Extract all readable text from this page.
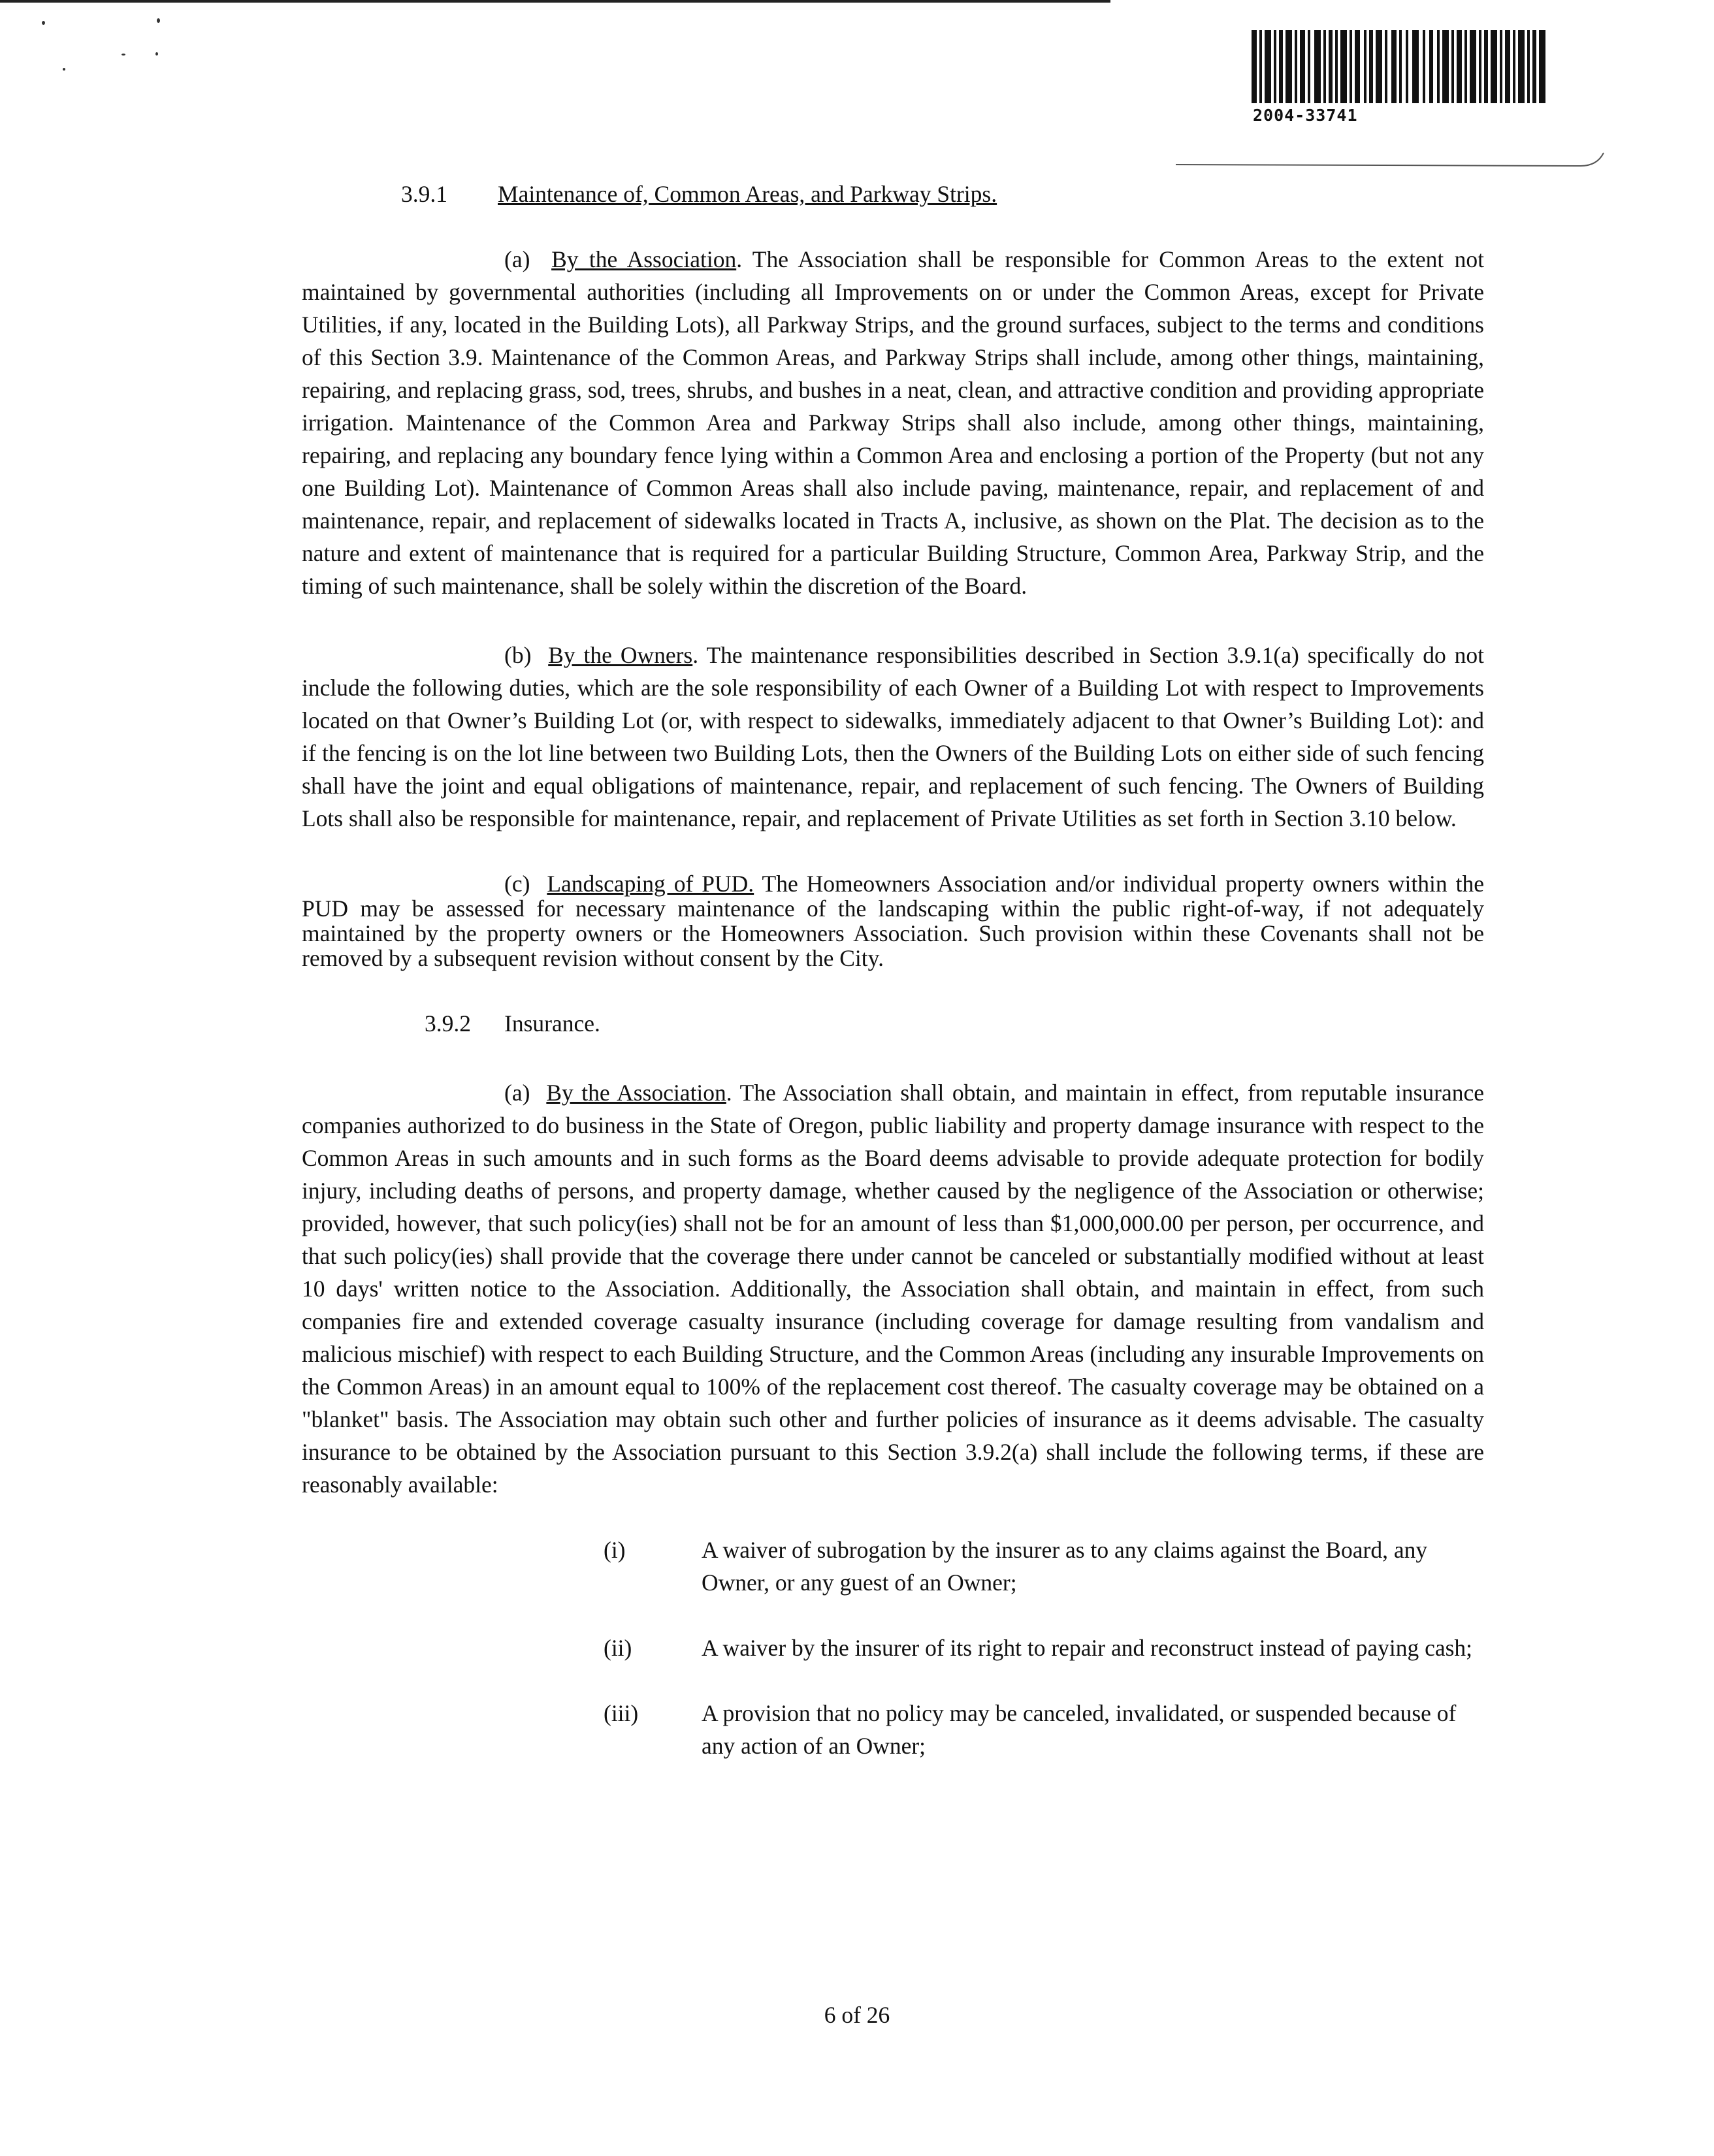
2004-33741

3.9.1	Maintenance of, Common Areas, and Parkway Strips.

(a) By the Association. The Association shall be responsible for Common Areas to the extent not maintained by governmental authorities (including all Improvements on or under the Common Areas, except for Private Utilities, if any, located in the Building Lots), all Parkway Strips, and the ground surfaces, subject to the terms and conditions of this Section 3.9. Maintenance of the Common Areas, and Parkway Strips shall include, among other things, maintaining, repairing, and replacing grass, sod, trees, shrubs, and bushes in a neat, clean, and attractive condition and providing appropriate irrigation. Maintenance of the Common Area and Parkway Strips shall also include, among other things, maintaining, repairing, and replacing any boundary fence lying within a Common Area and enclosing a portion of the Property (but not any one Building Lot). Maintenance of Common Areas shall also include paving, maintenance, repair, and replacement of and maintenance, repair, and replacement of sidewalks located in Tracts A, inclusive, as shown on the Plat. The decision as to the nature and extent of maintenance that is required for a particular Building Structure, Common Area, Parkway Strip, and the timing of such maintenance, shall be solely within the discretion of the Board.

(b) By the Owners. The maintenance responsibilities described in Section 3.9.1(a) specifically do not include the following duties, which are the sole responsibility of each Owner of a Building Lot with respect to Improvements located on that Owner’s Building Lot (or, with respect to sidewalks, immediately adjacent to that Owner’s Building Lot): and if the fencing is on the lot line between two Building Lots, then the Owners of the Building Lots on either side of such fencing shall have the joint and equal obligations of maintenance, repair, and replacement of such fencing. The Owners of Building Lots shall also be responsible for maintenance, repair, and replacement of Private Utilities as set forth in Section 3.10 below.

(c) Landscaping of PUD. The Homeowners Association and/or individual property owners within the PUD may be assessed for necessary maintenance of the landscaping within the public right-of-way, if not adequately maintained by the property owners or the Homeowners Association. Such provision within these Covenants shall not be removed by a subsequent revision without consent by the City.

3.9.2	Insurance.

(a) By the Association. The Association shall obtain, and maintain in effect, from reputable insurance companies authorized to do business in the State of Oregon, public liability and property damage insurance with respect to the Common Areas in such amounts and in such forms as the Board deems advisable to provide adequate protection for bodily injury, including deaths of persons, and property damage, whether caused by the negligence of the Association or otherwise; provided, however, that such policy(ies) shall not be for an amount of less than $1,000,000.00 per person, per occurrence, and that such policy(ies) shall provide that the coverage there under cannot be canceled or substantially modified without at least 10 days' written notice to the Association. Additionally, the Association shall obtain, and maintain in effect, from such companies fire and extended coverage casualty insurance (including coverage for damage resulting from vandalism and malicious mischief) with respect to each Building Structure, and the Common Areas (including any insurable Improvements on the Common Areas) in an amount equal to 100% of the replacement cost thereof. The casualty coverage may be obtained on a "blanket" basis. The Association may obtain such other and further policies of insurance as it deems advisable. The casualty insurance to be obtained by the Association pursuant to this Section 3.9.2(a) shall include the following terms, if these are reasonably available:

(i)	A waiver of subrogation by the insurer as to any claims against the Board, any Owner, or any guest of an Owner;
(ii)	A waiver by the insurer of its right to repair and reconstruct instead of paying cash;
(iii)	A provision that no policy may be canceled, invalidated, or suspended because of any action of an Owner;
6 of 26
